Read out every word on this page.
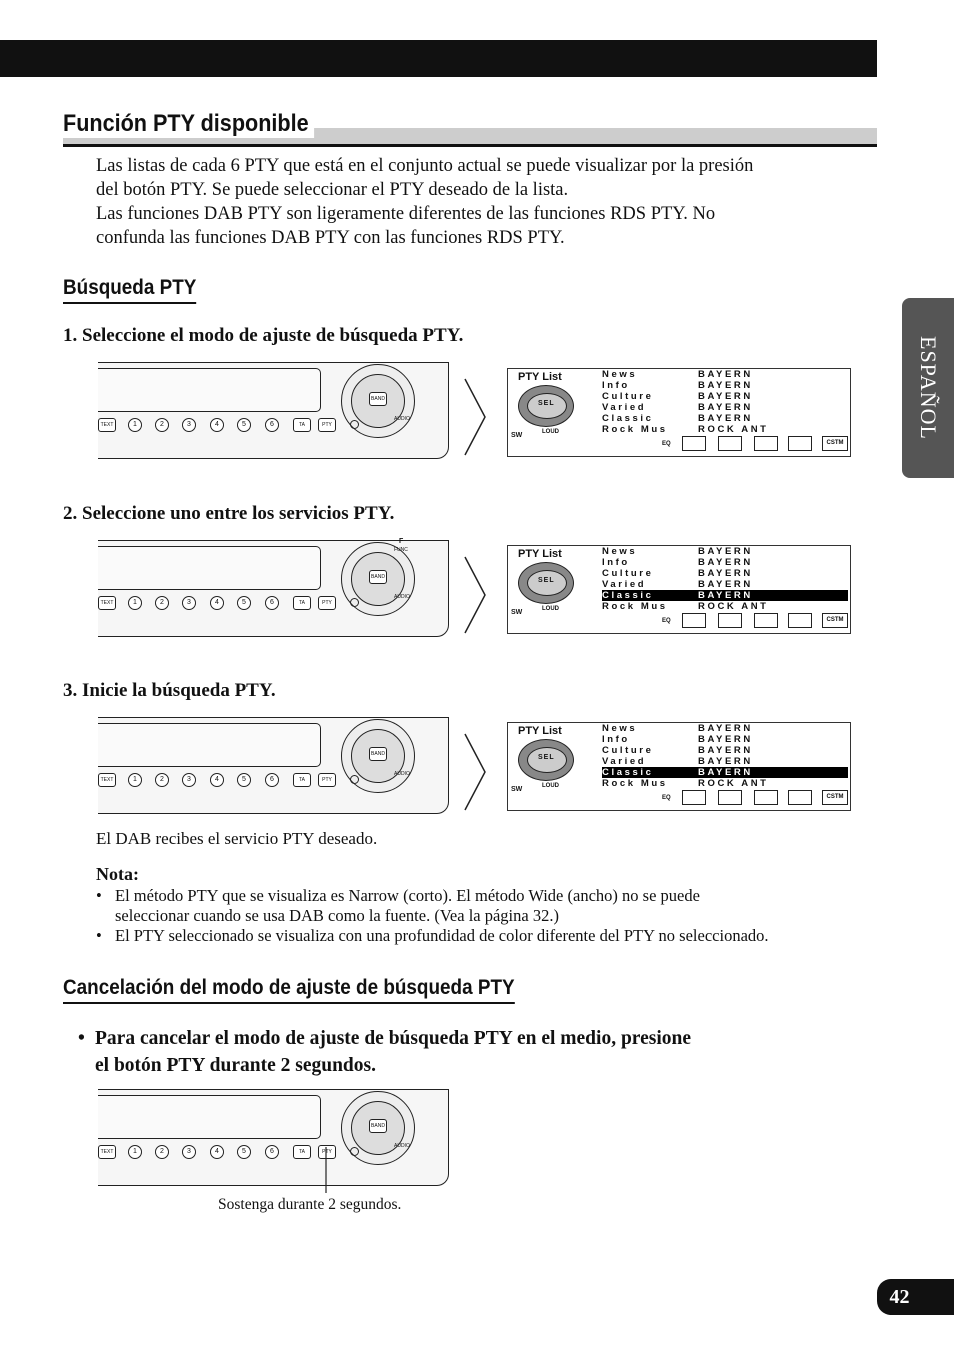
ESPAÑOL
Función PTY disponible
Las listas de cada 6 PTY que está en el conjunto actual se puede visualizar por la presión
del botón PTY. Se puede seleccionar el PTY deseado de la lista.
Las funciones DAB PTY son ligeramente diferentes de las funciones RDS PTY. No
confunda las funciones DAB PTY con las funciones RDS PTY.
Búsqueda PTY
1. Seleccione el modo de ajuste de búsqueda PTY.
2. Seleccione uno entre los servicios PTY.
3. Inicie la búsqueda PTY.
BAND
TEXT	1	2	3	4	5	6	TA	PTY
AUDIO
BAND
TEXT	1	2	3	4	5	6	TA	PTY
AUDIO
F
FUNC
BAND
TEXT	1	2	3	4	5	6	TA	PTY
AUDIO
BAND
TEXT	1	2	3	4	5	6	TA	PTY
AUDIO
PTY List
SEL
SW	LOUD
News	BAYERN
Info	BAYERN
Culture	BAYERN
Varied	BAYERN
Classic	BAYERN
Rock Mus	ROCK ANT
EQ	CSTM
PTY List
SEL
SW	LOUD
News	BAYERN
Info	BAYERN
Culture	BAYERN
Varied	BAYERN
Classic	BAYERN
Rock Mus	ROCK ANT
EQ	CSTM
PTY List
SEL
SW	LOUD
News	BAYERN
Info	BAYERN
Culture	BAYERN
Varied	BAYERN
Classic	BAYERN
Rock Mus	ROCK ANT
EQ	CSTM
El DAB recibes el servicio PTY deseado.
Nota:
• El método PTY que se visualiza es Narrow (corto). El método Wide (ancho) no se puede
seleccionar cuando se usa DAB como la fuente. (Vea la página 32.)
• El PTY seleccionado se visualiza con una profundidad de color diferente del PTY no seleccionado.
Cancelación del modo de ajuste de búsqueda PTY
• Para cancelar el modo de ajuste de búsqueda PTY en el medio, presione
el botón PTY durante 2 segundos.
Sostenga durante 2 segundos.
42
